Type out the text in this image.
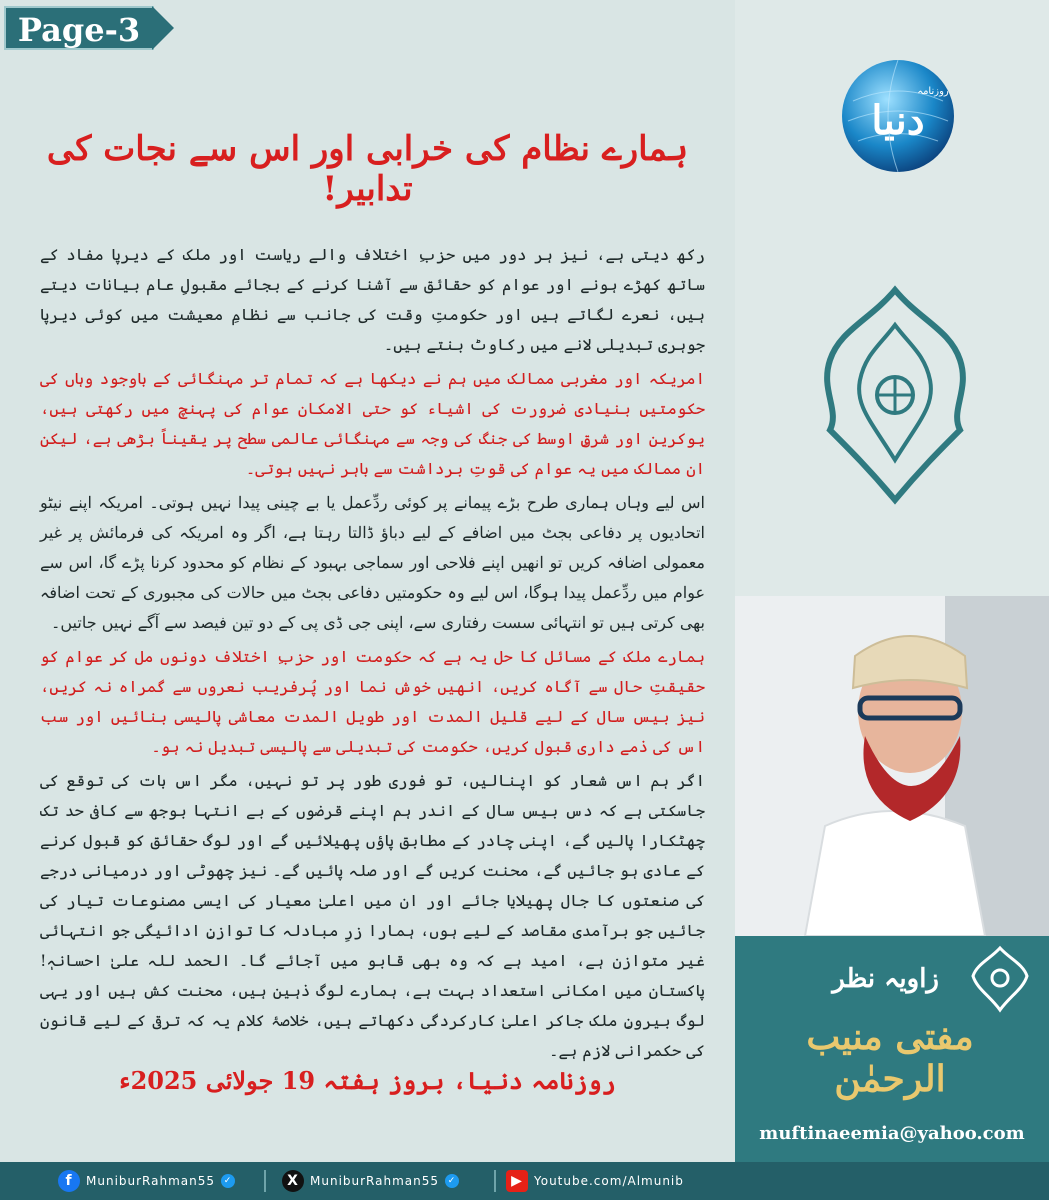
Page-3
ہمارے نظام کی خرابی اور اس سے نجات کی تدابیر!

رکھ دیتی ہے، نیز ہر دور میں حزبِ اختلاف والے ریاست اور ملک کے دیرپا مفاد کے ساتھ کھڑے ہونے اور عوام کو حقائق سے آشنا کرنے کے بجائے مقبولِ عام بیانات دیتے ہیں، نعرے لگاتے ہیں اور حکومتِ وقت کی جانب سے نظامِ معیشت میں کوئی دیرپا جوہری تبدیلی لانے میں رکاوٹ بنتے ہیں۔

امریکہ اور مغربی ممالک میں ہم نے دیکھا ہے کہ تمام تر مہنگائی کے باوجود وہاں کی حکومتیں بنیادی ضرورت کی اشیاء کو حتی الامکان عوام کی پہنچ میں رکھتی ہیں، یوکرین اور شرقِ اوسط کی جنگ کی وجہ سے مہنگائی عالمی سطح پر یقیناً بڑھی ہے، لیکن ان ممالک میں یہ عوام کی قوتِ برداشت سے باہر نہیں ہوتی۔

اس لیے وہاں ہماری طرح بڑے پیمانے پر کوئی ردِّعمل یا بے چینی پیدا نہیں ہوتی۔ امریکہ اپنے نیٹو اتحادیوں پر دفاعی بجٹ میں اضافے کے لیے دباؤ ڈالتا رہتا ہے، اگر وہ امریکہ کی فرمائش پر غیر معمولی اضافہ کریں تو انھیں اپنے فلاحی اور سماجی بہبود کے نظام کو محدود کرنا پڑے گا، اس سے عوام میں ردِّعمل پیدا ہوگا، اس لیے وہ حکومتیں دفاعی بجٹ میں حالات کی مجبوری کے تحت اضافہ بھی کرتی ہیں تو انتہائی سست رفتاری سے، اپنی جی ڈی پی کے دو تین فیصد سے آگے نہیں جاتیں۔

ہمارے ملک کے مسائل کا حل یہ ہے کہ حکومت اور حزبِ اختلاف دونوں مل کر عوام کو حقیقتِ حال سے آگاہ کریں، انھیں خوش نما اور پُرفریب نعروں سے گمراہ نہ کریں، نیز بیس سال کے لیے قلیل المدت اور طویل المدت معاشی پالیسی بنائیں اور سب اس کی ذمے داری قبول کریں، حکومت کی تبدیلی سے پالیسی تبدیل نہ ہو۔

اگر ہم اس شعار کو اپنالیں، تو فوری طور پر تو نہیں، مگر اس بات کی توقع کی جاسکتی ہے کہ دس بیس سال کے اندر ہم اپنے قرضوں کے بے انتہا بوجھ سے کافی حد تک چھٹکارا پالیں گے، اپنی چادر کے مطابق پاؤں پھیلائیں گے اور لوگ حقائق کو قبول کرنے کے عادی ہو جائیں گے، محنت کریں گے اور صلہ پائیں گے۔ نیز چھوٹی اور درمیانی درجے کی صنعتوں کا جال پھیلایا جائے اور ان میں اعلیٰ معیار کی ایسی مصنوعات تیار کی جائیں جو برآمدی مقاصد کے لیے ہوں، ہمارا زرِ مبادلہ کا توازنِ ادائیگی جو انتہائی غیر متوازن ہے، امید ہے کہ وہ بھی قابو میں آجائے گا۔ الحمد للہ علیٰ احسانہٖ! پاکستان میں امکانی استعداد بہت ہے، ہمارے لوگ ذہین ہیں، محنت کش ہیں اور یہی لوگ بیرونِ ملک جاکر اعلیٰ کارکردگی دکھاتے ہیں، خلاصۂ کلام یہ کہ ترقی کے لیے قانون کی حکمرانی لازم ہے۔

روزنامہ دنیا، بروز ہفتہ 19 جولائی 2025ء
دنیا
روزنامہ
زاویہ نظر
مفتی منیب الرحمٰن
muftinaeemia@yahoo.com
f	MuniburRahman55 ✓	X MuniburRahman55 ✓	▶ Youtube.com/Almunib
